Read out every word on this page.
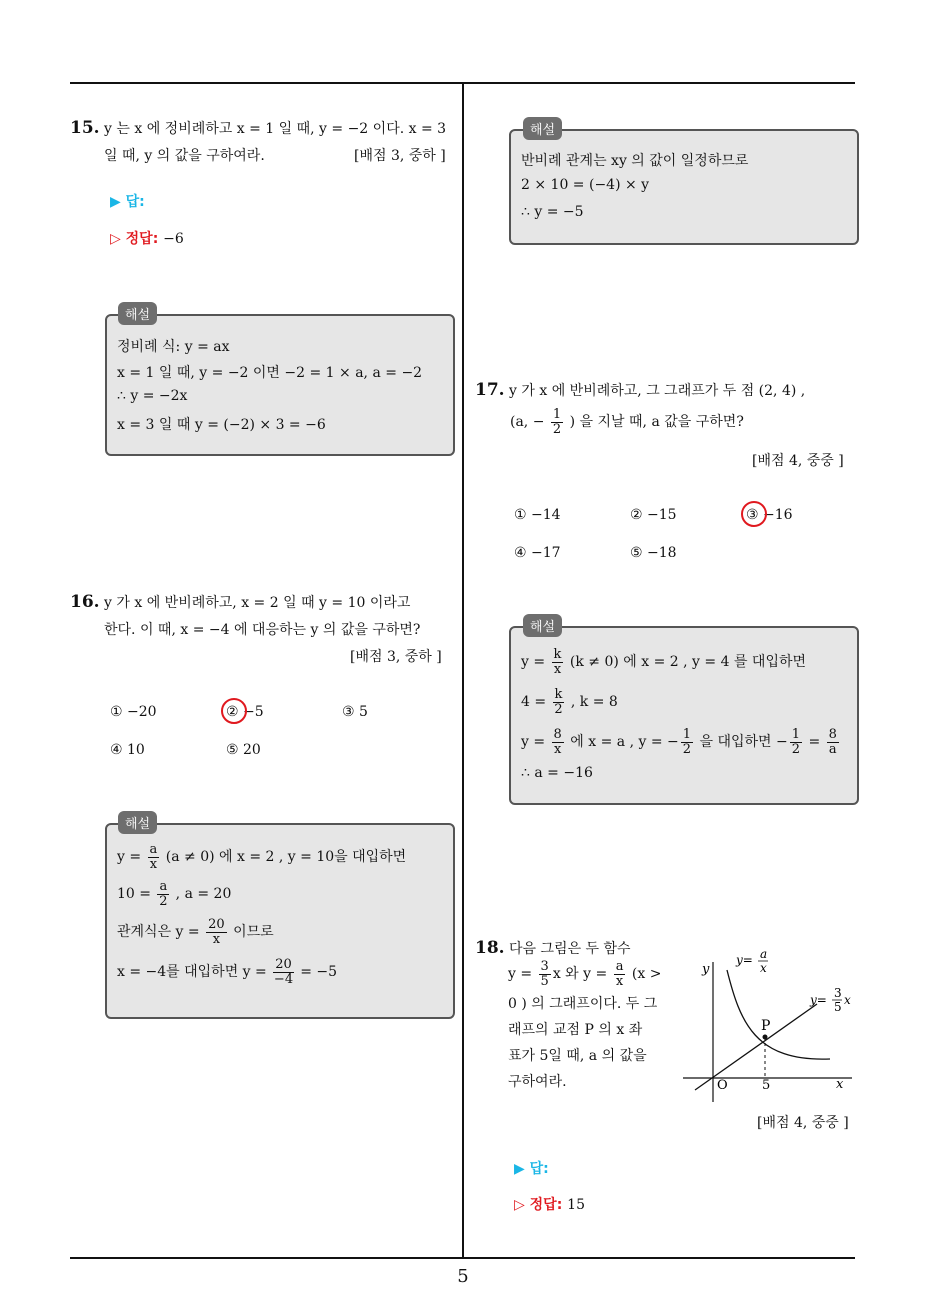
15. y 는 x 에 정비례하고 x = 1 일 때, y = −2 이다. x = 3
일 때, y 의 값을 구하여라.	[배점 3, 중하 ]
▶ 답:
▷ 정답: −6
해설
정비례 식: y = ax
x = 1 일 때, y = −2 이면 −2 = 1 × a, a = −2
∴ y = −2x
x = 3 일 때 y = (−2) × 3 = −6
16. y 가 x 에 반비례하고, x = 2 일 때 y = 10 이라고
한다. 이 때, x = −4 에 대응하는 y 의 값을 구하면?
[배점 3, 중하 ]
① −20	② −5	③ 5
④ 10	⑤ 20
해설
$y = \frac{a}{x} (a \ne 0)$ 에 x = 2 , y = 10을 대입하면
$10 = \frac{a}{2}$ , a = 20
관계식은 $y = \frac{20}{x}$ 이므로
x = −4를 대입하면 $y = \frac{20}{-4} = -5$
해설
반비례 관계는 xy 의 값이 일정하므로
2 × 10 = (−4) × y
∴ y = −5
17. y 가 x 에 반비례하고, 그 그래프가 두 점 (2, 4) ,
(a, − $\frac{1}{2}$ ) 을 지날 때, a 값을 구하면?
[배점 4, 중중 ]
① −14	② −15	③ −16
④ −17	⑤ −18
해설
$y = \frac{k}{x} (k \ne 0)$ 에 x = 2 , y = 4 를 대입하면
$4 = \frac{k}{2}$ , k = 8
$y = \frac{8}{x}$ 에 x = a , y = − $\frac{1}{2}$ 을 대입하면 − $\frac{1}{2} = \frac{8}{a}$
∴ a = −16
18. 다음 그림은 두 함수
$y = \frac{3}{5}$ x 와 $y = \frac{a}{x} (x$ >
0 ) 의 그래프이다. 두 그
래프의 교점 P 의 x 좌
표가 5일 때, a 의 값을
구하여라.	O	5	x
y
P
y= a
x
y= 3
5 x
[배점 4, 중중 ]
▶ 답:
▷ 정답: 15
5
